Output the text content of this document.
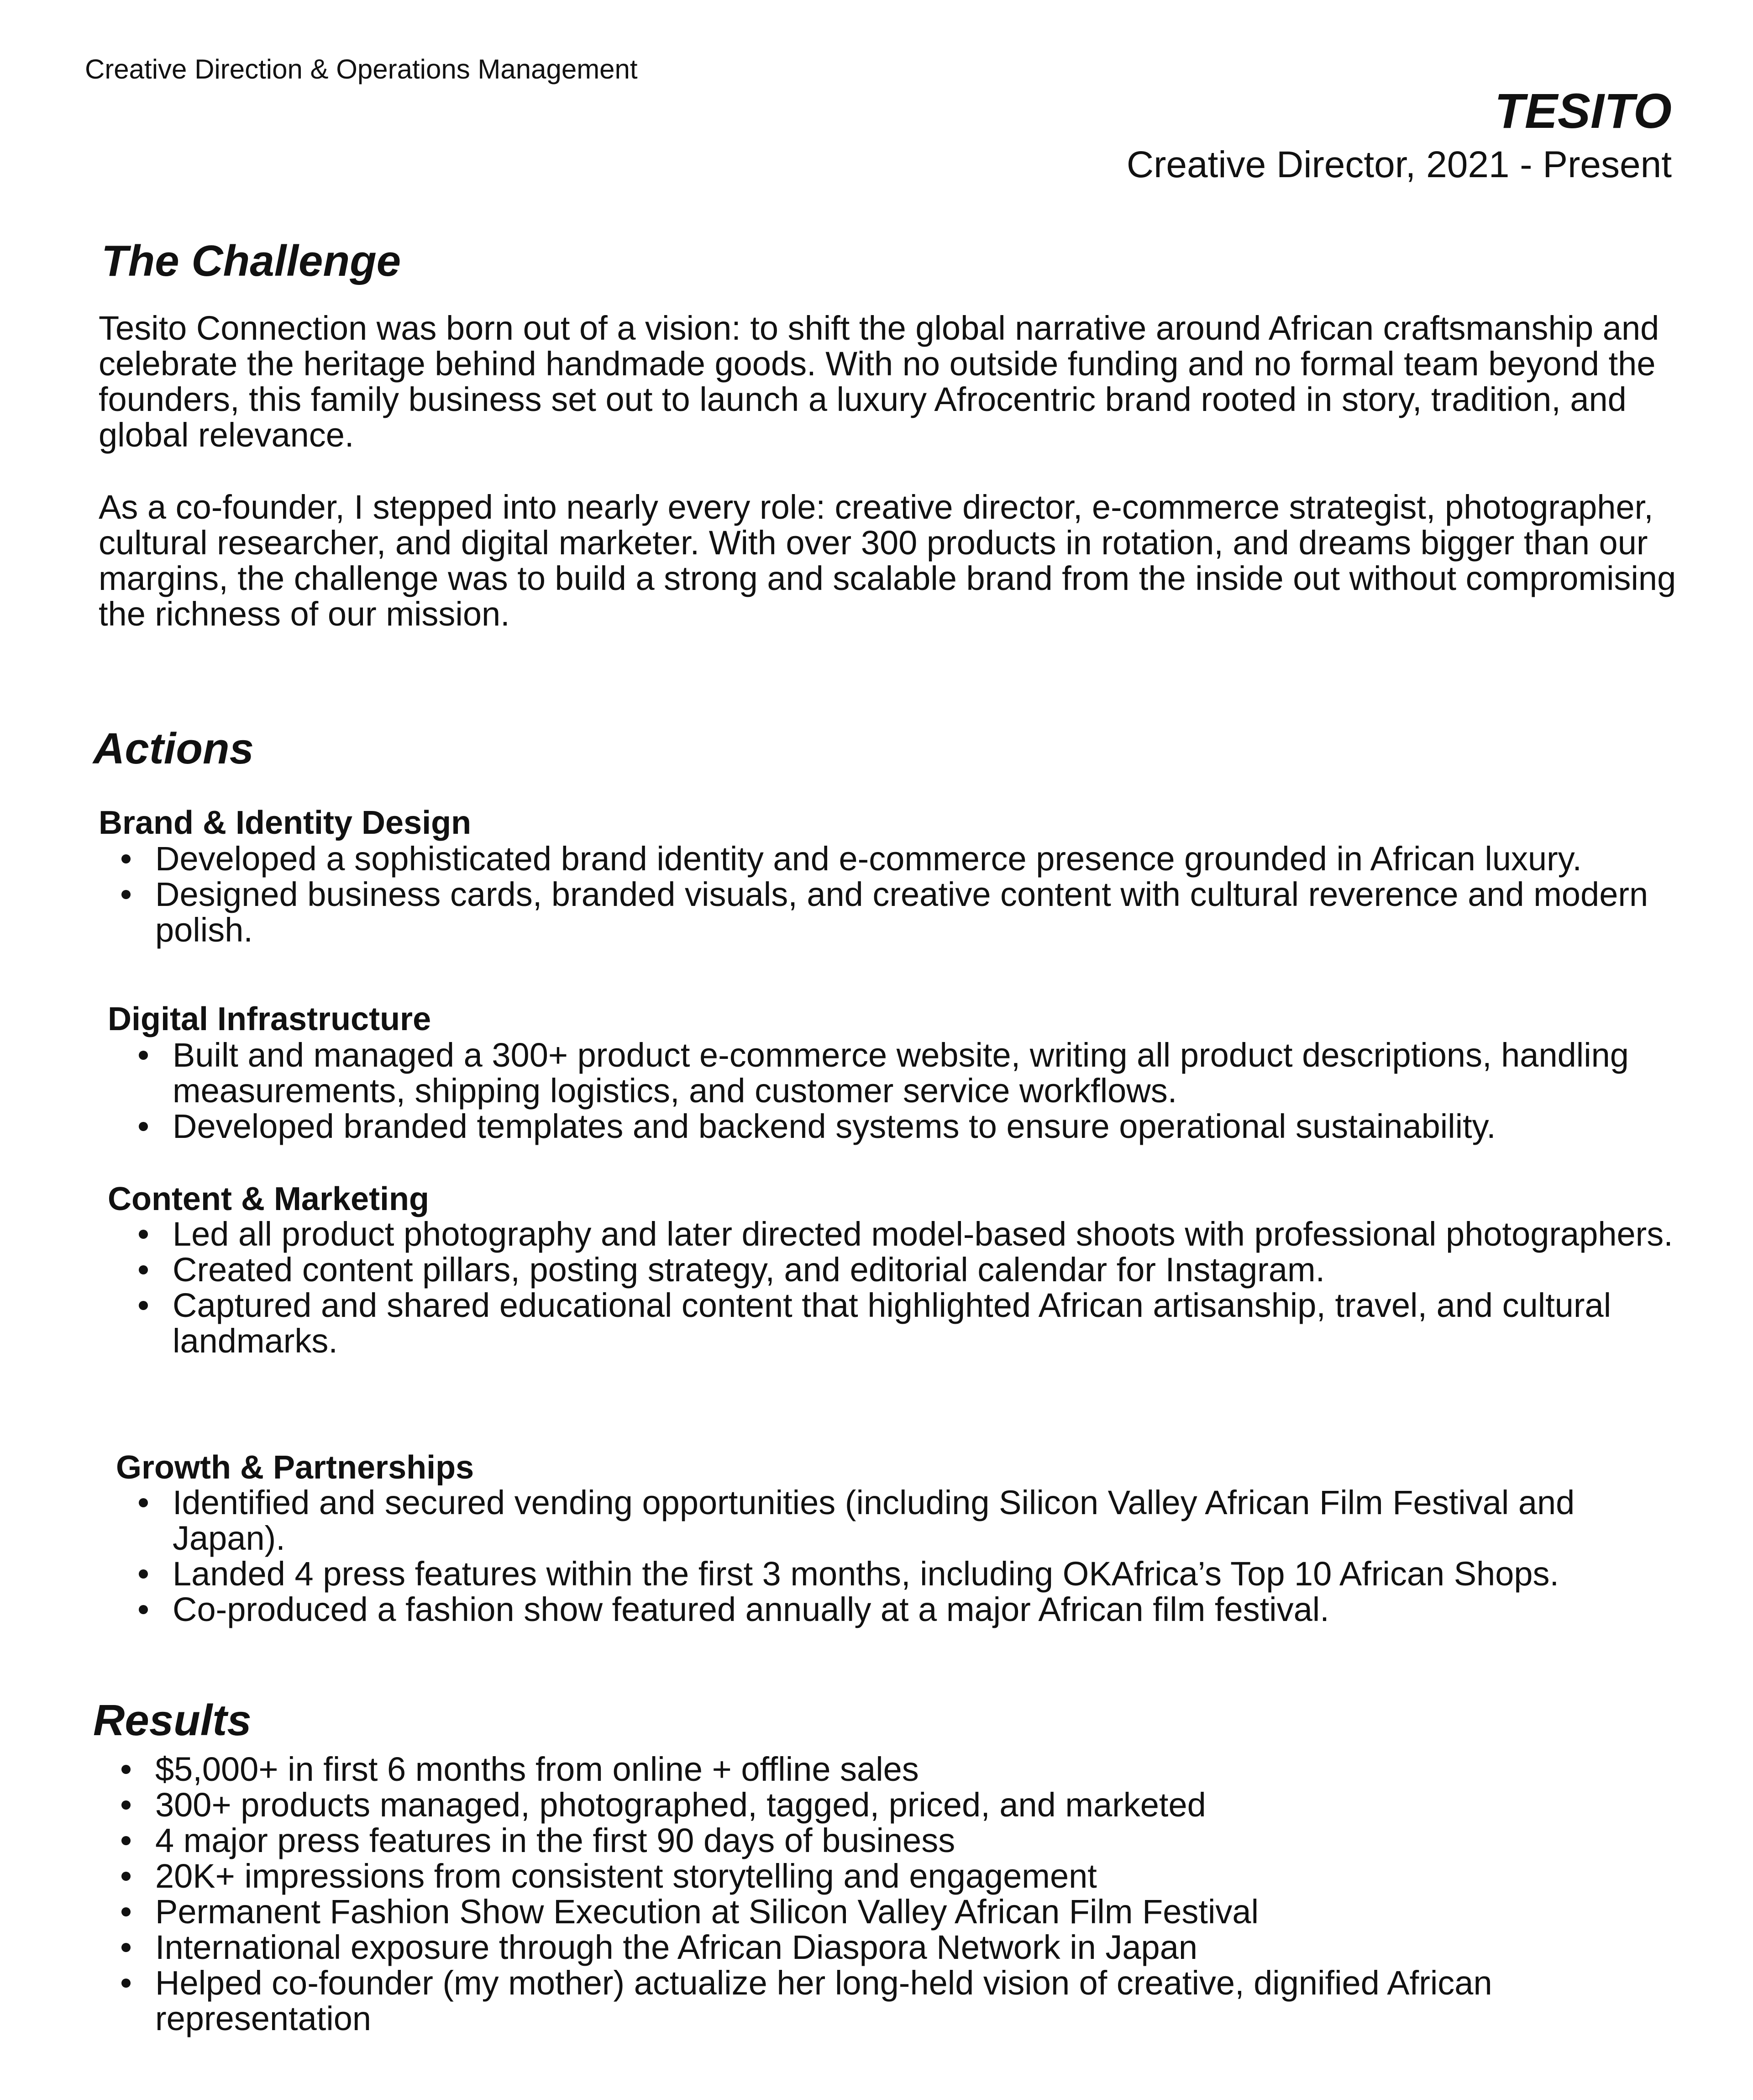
Creative Direction & Operations Management
TESITO
Creative Director, 2021 - Present
The Challenge

Tesito Connection was born out of a vision: to shift the global narrative around African craftsmanship and celebrate the heritage behind handmade goods. With no outside funding and no formal team beyond the founders, this family business set out to launch a luxury Afrocentric brand rooted in story, tradition, and global relevance.

As a co-founder, I stepped into nearly every role: creative director, e-commerce strategist, photographer, cultural researcher, and digital marketer. With over 300 products in rotation, and dreams bigger than our margins, the challenge was to build a strong and scalable brand from the inside out without compromising the richness of our mission.

Actions
Brand & Identity Design
Developed a sophisticated brand identity and e-commerce presence grounded in African luxury.
Designed business cards, branded visuals, and creative content with cultural reverence and modern polish.
Digital Infrastructure
Built and managed a 300+ product e-commerce website, writing all product descriptions, handling measurements, shipping logistics, and customer service workflows.
Developed branded templates and backend systems to ensure operational sustainability.
Content & Marketing
Led all product photography and later directed model-based shoots with professional photographers.
Created content pillars, posting strategy, and editorial calendar for Instagram.
Captured and shared educational content that highlighted African artisanship, travel, and cultural landmarks.
Growth & Partnerships
Identified and secured vending opportunities (including Silicon Valley African Film Festival and Japan).
Landed 4 press features within the first 3 months, including OKAfrica’s Top 10 African Shops.
Co-produced a fashion show featured annually at a major African film festival.
Results
$5,000+ in first 6 months from online + offline sales
300+ products managed, photographed, tagged, priced, and marketed
4 major press features in the first 90 days of business
20K+ impressions from consistent storytelling and engagement
Permanent Fashion Show Execution at Silicon Valley African Film Festival
International exposure through the African Diaspora Network in Japan
Helped co-founder (my mother) actualize her long-held vision of creative, dignified African representation
